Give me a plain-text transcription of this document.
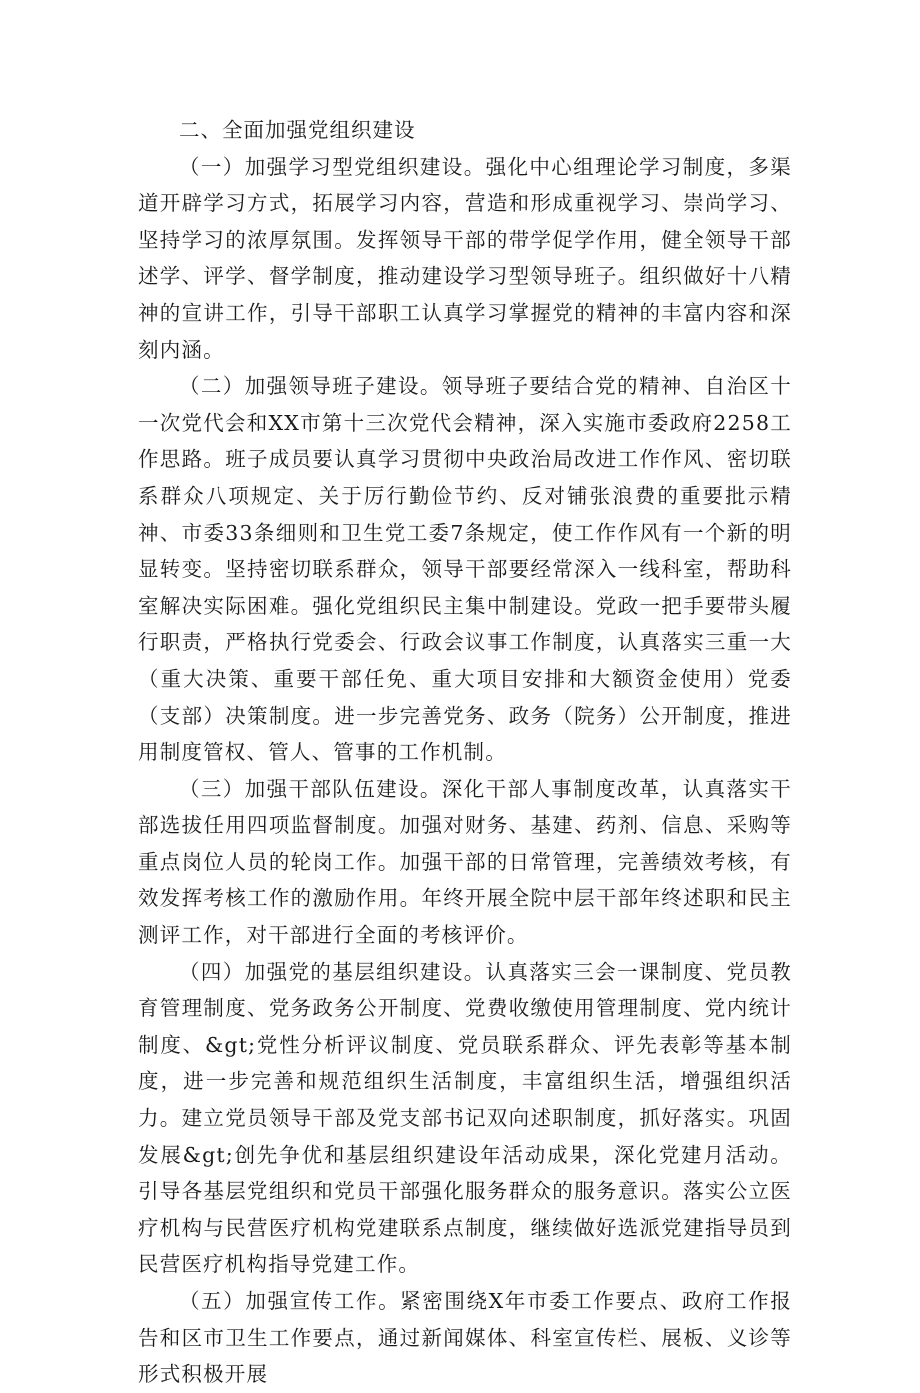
二、全面加强党组织建设

（一）加强学习型党组织建设。强化中心组理论学习制度，多渠道开辟学习方式，拓展学习内容，营造和形成重视学习、崇尚学习、坚持学习的浓厚氛围。发挥领导干部的带学促学作用，健全领导干部述学、评学、督学制度，推动建设学习型领导班子。组织做好十八精神的宣讲工作，引导干部职工认真学习掌握党的精神的丰富内容和深刻内涵。

（二）加强领导班子建设。领导班子要结合党的精神、自治区十一次党代会和XX市第十三次党代会精神，深入实施市委政府2258工作思路。班子成员要认真学习贯彻中央政治局改进工作作风、密切联系群众八项规定、关于厉行勤俭节约、反对铺张浪费的重要批示精神、市委33条细则和卫生党工委7条规定，使工作作风有一个新的明显转变。坚持密切联系群众，领导干部要经常深入一线科室，帮助科室解决实际困难。强化党组织民主集中制建设。党政一把手要带头履行职责，严格执行党委会、行政会议事工作制度，认真落实三重一大（重大决策、重要干部任免、重大项目安排和大额资金使用）党委（支部）决策制度。进一步完善党务、政务（院务）公开制度，推进用制度管权、管人、管事的工作机制。

（三）加强干部队伍建设。深化干部人事制度改革，认真落实干部选拔任用四项监督制度。加强对财务、基建、药剂、信息、采购等重点岗位人员的轮岗工作。加强干部的日常管理，完善绩效考核，有效发挥考核工作的激励作用。年终开展全院中层干部年终述职和民主测评工作，对干部进行全面的考核评价。

（四）加强党的基层组织建设。认真落实三会一课制度、党员教育管理制度、党务政务公开制度、党费收缴使用管理制度、党内统计制度、&gt;党性分析评议制度、党员联系群众、评先表彰等基本制度，进一步完善和规范组织生活制度，丰富组织生活，增强组织活力。建立党员领导干部及党支部书记双向述职制度，抓好落实。巩固发展&gt;创先争优和基层组织建设年活动成果，深化党建月活动。引导各基层党组织和党员干部强化服务群众的服务意识。落实公立医疗机构与民营医疗机构党建联系点制度，继续做好选派党建指导员到民营医疗机构指导党建工作。

（五）加强宣传工作。紧密围绕X年市委工作要点、政府工作报告和区市卫生工作要点，通过新闻媒体、科室宣传栏、展板、义诊等形式积极开展
